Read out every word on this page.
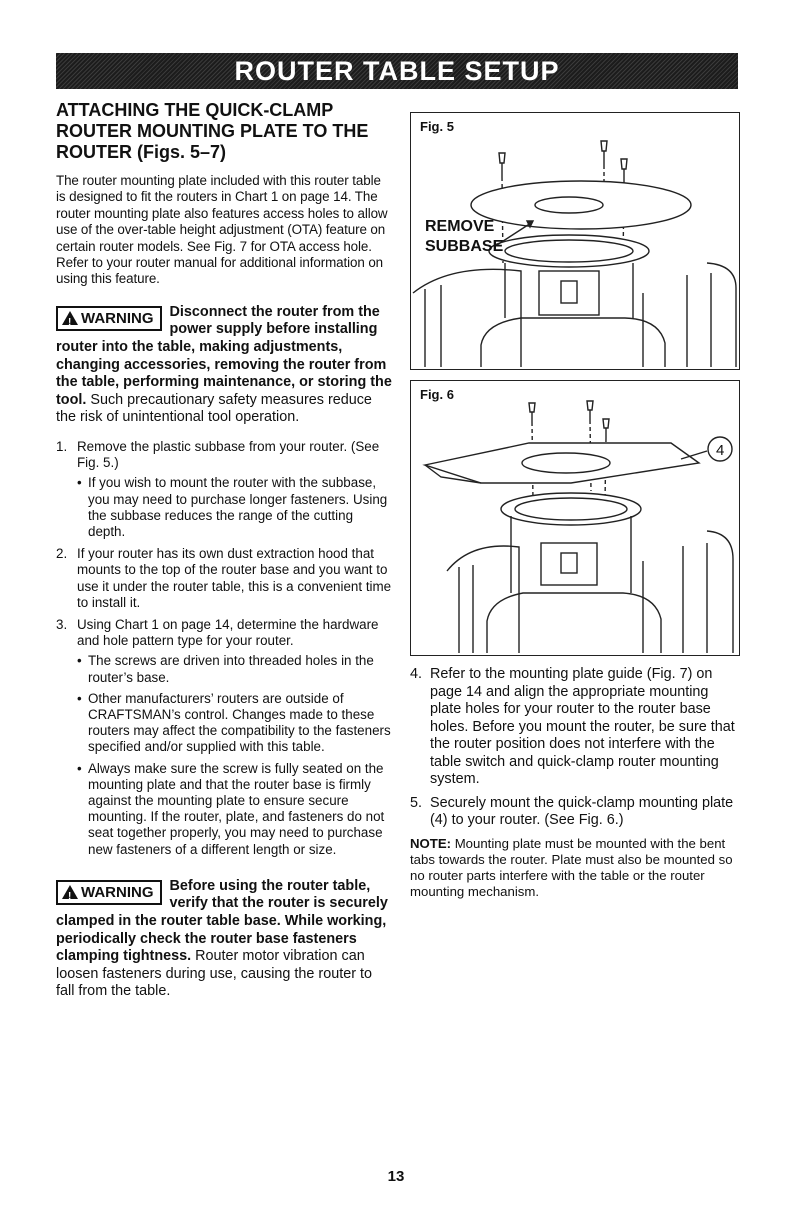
ROUTER TABLE SETUP
ATTACHING THE QUICK-CLAMP ROUTER MOUNTING PLATE TO THE ROUTER (Figs. 5–7)

The router mounting plate included with this router table is designed to fit the routers in Chart 1 on page 14. The router mounting plate also features access holes to allow use of the over-table height adjustment (OTA) feature on certain router models. See Fig. 7 for OTA access hole. Refer to your router manual for additional information on using this feature.

!
WARNING Disconnect the router from the power supply before installing router into the table, making adjustments, changing accessories, removing the router from the table, performing maintenance, or storing the tool. Such precautionary safety measures reduce the risk of unintentional tool operation.
1. Remove the plastic subbase from your router. (See Fig. 5.)
• If you wish to mount the router with the subbase, you may need to purchase longer fasteners. Using the subbase reduces the range of the cutting depth.
2. If your router has its own dust extraction hood that mounts to the top of the router base and you want to use it under the router table, this is a convenient time to install it.
3. Using Chart 1 on page 14, determine the hardware and hole pattern type for your router.
• The screws are driven into threaded holes in the router’s base.
• Other manufacturers’ routers are outside of CRAFTSMAN’s control. Changes made to these routers may affect the compatibility to the fasteners specified and/or supplied with this table.
• Always make sure the screw is fully seated on the mounting plate and that the router base is firmly against the mounting plate to ensure secure mounting. If the router, plate, and fasteners do not seat together properly, you may need to purchase new fasteners of a different length or size.
!
WARNING Before using the router table, verify that the router is securely clamped in the router table base. While working, periodically check the router base fasteners clamping tightness. Router motor vibration can loosen fasteners during use, causing the router to fall from the table.
Fig. 5
REMOVE
SUBBASE
Fig. 6
4
4. Refer to the mounting plate guide (Fig. 7) on page 14 and align the appropriate mounting plate holes for your router to the router base holes. Before you mount the router, be sure that the router position does not interfere with the table switch and quick-clamp router mounting system.
5. Securely mount the quick-clamp mounting plate (4) to your router. (See Fig. 6.)

NOTE: Mounting plate must be mounted with the bent tabs towards the router. Plate must also be mounted so no router parts interfere with the table or the router mounting mechanism.

13
